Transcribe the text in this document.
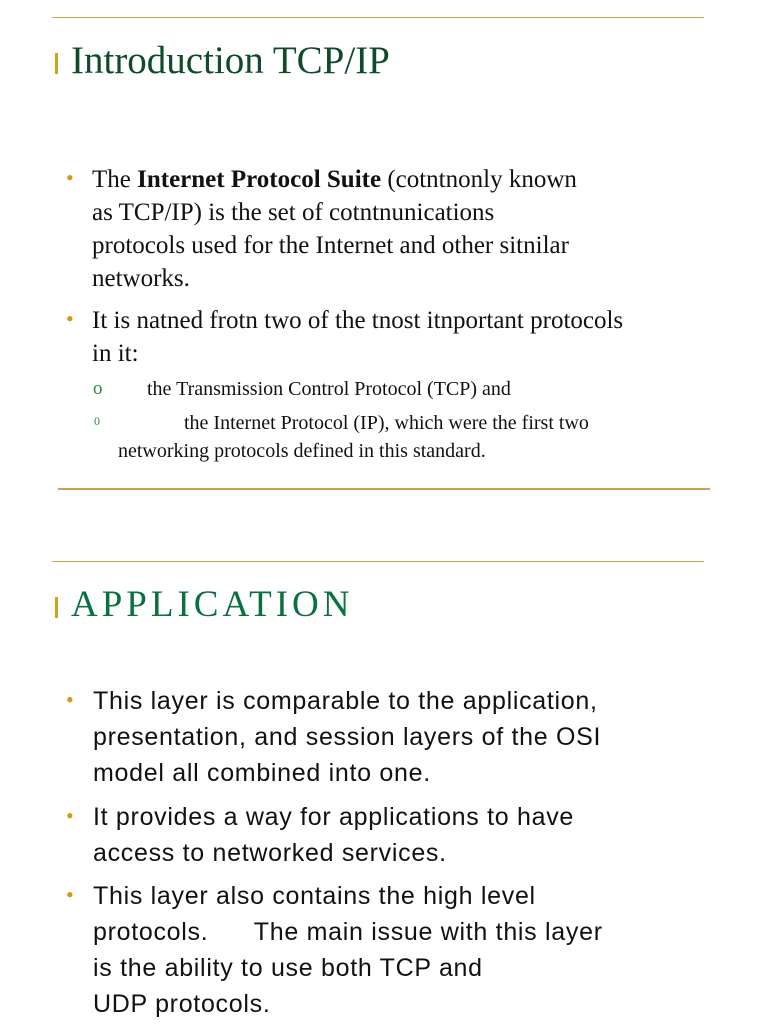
Introduction TCP/IP
• The Internet Protocol Suite (cotntnonly known
as TCP/IP) is the set of cotntnunications
protocols used for the Internet and other sitnilar
networks.
• It is natned frotn two of the tnost itnportant protocols
in it:
o the Transmission Control Protocol (TCP) and
0	the Internet Protocol (IP), which were the first two
networking protocols defined in this standard.
APPLICATION
• This layer is comparable to the application,
presentation, and session layers of the OSI
model all combined into one.
• It provides a way for applications to have
access to networked services.
• This layer also contains the high level
protocols.      The main issue with this layer
is the ability to use both TCP and
UDP protocols.
